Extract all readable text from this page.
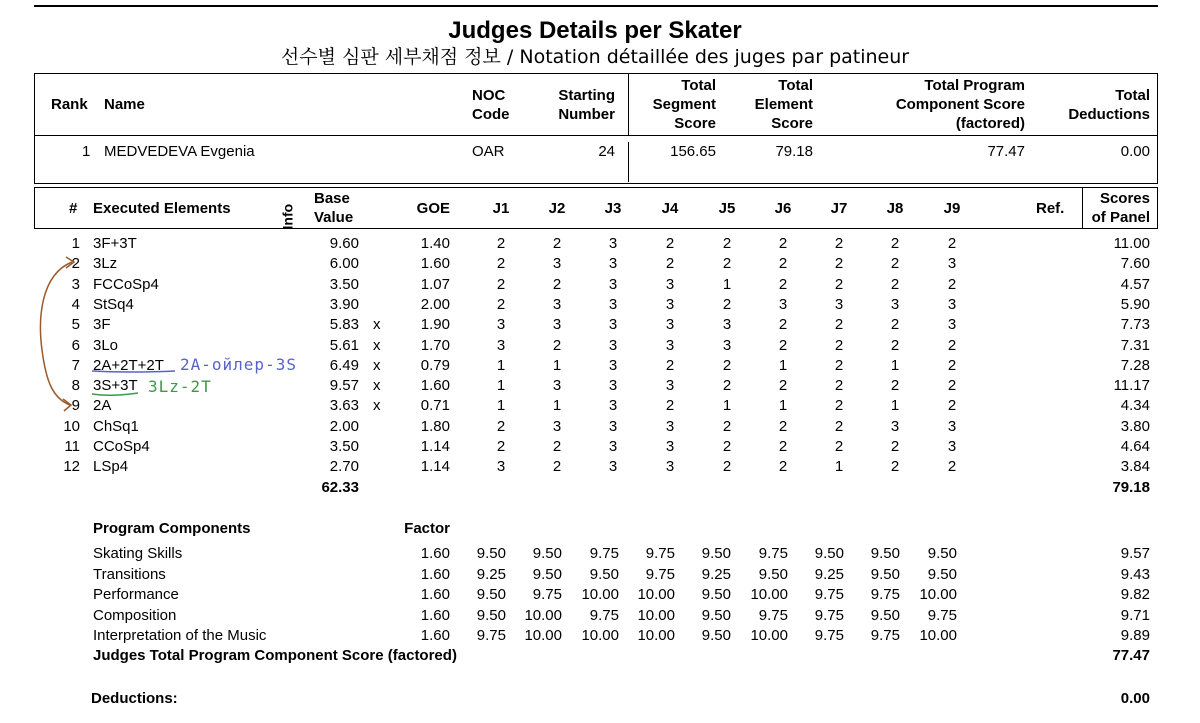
Judges Details per Skater
선수별 심판 세부채점 정보 / Notation détaillée des juges par patineur
Rank Name
NOC
Code
Starting
Number
Total
Segment
Score
Total
Element
Score
Total Program
Component Score
(factored)
Total
Deductions
1 MEDVEDEVA Evgenia	OAR	24	156.65	79.18	77.47	0.00
# Executed Elements	Info
Base
Value
GOE	J1	J2	J3	J4	J5	J6	J7	J8	J9	Ref.
Scores
of Panel
1 3F+3T	9.60	1.40	2	2	3	2	2	2	2	2	2	11.00
2 3Lz	6.00	1.60	2	3	3	2	2	2	2	2	3	7.60
3 FCCoSp4	3.50	1.07	2	2	3	3	1	2	2	2	2	4.57
4 StSq4	3.90	2.00	2	3	3	3	2	3	3	3	3	5.90
5 3F	5.83 x	1.90	3	3	3	3	3	2	2	2	3	7.73
6 3Lo	5.61 x	1.70	3	2	3	3	3	2	2	2	2	7.31
7 2A+2T+2T	6.49 x	0.79	1	1	3	2	2	1	2	1	2	7.28
8 3S+3T	9.57 x	1.60	1	3	3	3	2	2	2	2	2	11.17
9 2A	3.63 x	0.71	1	1	3	2	1	1	2	1	2	4.34
10 ChSq1	2.00	1.80	2	3	3	3	2	2	2	3	3	3.80
11 CCoSp4	3.50	1.14	2	2	3	3	2	2	2	2	3	4.64
12 LSp4	2.70	1.14	3	2	3	3	2	2	1	2	2	3.84
62.33	79.18
Program Components	Factor
Skating Skills	1.60	9.50	9.50	9.75	9.75	9.50	9.75	9.50	9.50	9.50	9.57
Transitions	1.60	9.25	9.50	9.50	9.75	9.25	9.50	9.25	9.50	9.50	9.43
Performance	1.60	9.50	9.75	10.00	10.00	9.50	10.00	9.75	9.75	10.00	9.82
Composition	1.60	9.50	10.00	9.75	10.00	9.50	9.75	9.75	9.50	9.75	9.71
Interpretation of the Music	1.60	9.75	10.00	10.00	10.00	9.50	10.00	9.75	9.75	10.00	9.89
Judges Total Program Component Score (factored)	77.47
Deductions:	0.00
2A-ойлер-3S
3Lz-2T
